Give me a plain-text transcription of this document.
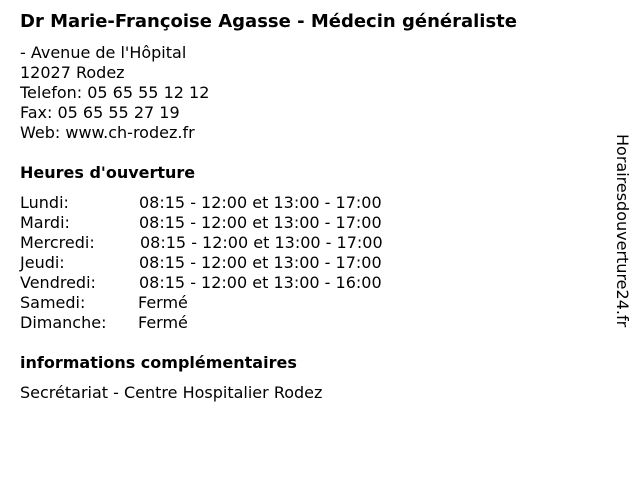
Dr Marie-Françoise Agasse - Médecin généraliste
- Avenue de l'Hôpital
12027 Rodez
Telefon: 05 65 55 12 12
Fax: 05 65 55 27 19
Web: www.ch-rodez.fr
Heures d'ouverture
Lundi:	08:15 - 12:00 et 13:00 - 17:00
Mardi:	08:15 - 12:00 et 13:00 - 17:00
Mercredi:	08:15 - 12:00 et 13:00 - 17:00
Jeudi:	08:15 - 12:00 et 13:00 - 17:00
Vendredi:	08:15 - 12:00 et 13:00 - 16:00
Samedi:	Fermé
Dimanche:	Fermé
informations complémentaires
Secrétariat - Centre Hospitalier Rodez
Horairesdouverture24.fr
